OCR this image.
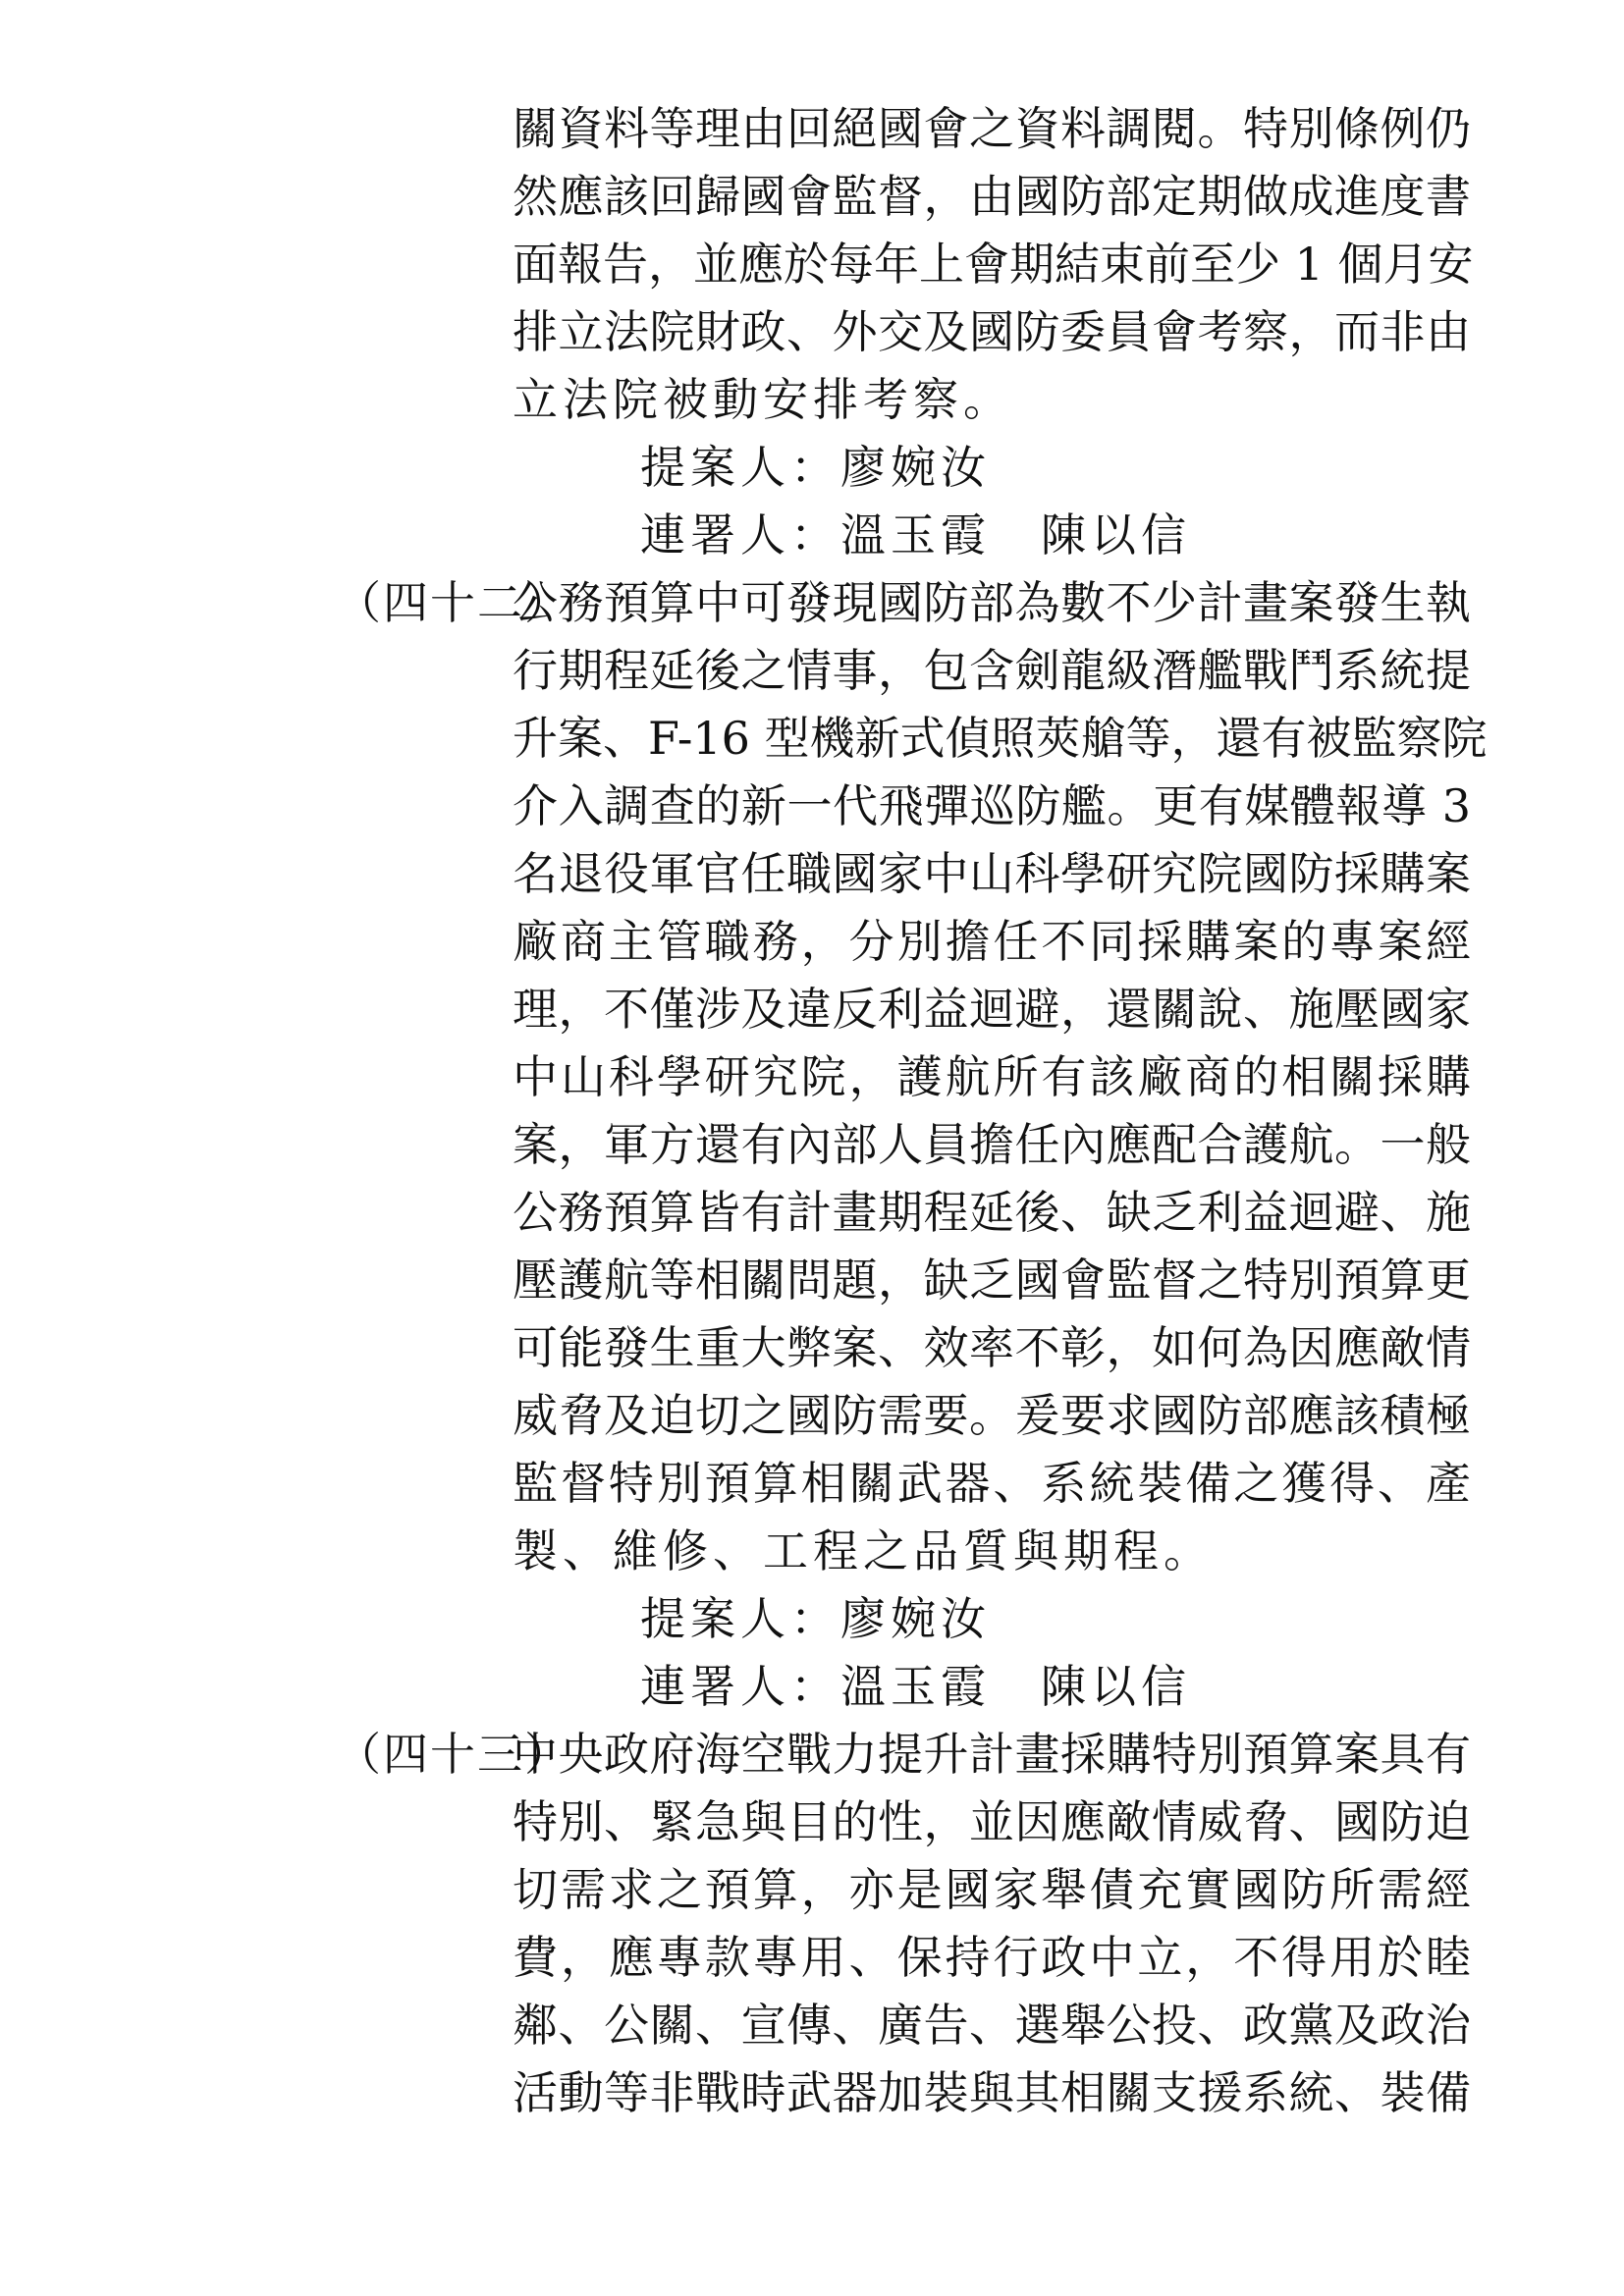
關資料等理由回絕國會之資料調閱。特別條例仍
然應該回歸國會監督，由國防部定期做成進度書
面報告，並應於每年上會期結束前至少 1 個月安
排立法院財政、外交及國防委員會考察，而非由
立法院被動安排考察。
提案人：廖婉汝
連署人：溫玉霞　陳以信
（四十二）
公務預算中可發現國防部為數不少計畫案發生執
行期程延後之情事，包含劍龍級潛艦戰鬥系統提
升案、F-16 型機新式偵照莢艙等，還有被監察院
介入調查的新一代飛彈巡防艦。更有媒體報導 3
名退役軍官任職國家中山科學研究院國防採購案
廠商主管職務，分別擔任不同採購案的專案經
理，不僅涉及違反利益迴避，還關說、施壓國家
中山科學研究院，護航所有該廠商的相關採購
案，軍方還有內部人員擔任內應配合護航。一般
公務預算皆有計畫期程延後、缺乏利益迴避、施
壓護航等相關問題，缺乏國會監督之特別預算更
可能發生重大弊案、效率不彰，如何為因應敵情
威脅及迫切之國防需要。爰要求國防部應該積極
監督特別預算相關武器、系統裝備之獲得、產
製、維修、工程之品質與期程。
提案人：廖婉汝
連署人：溫玉霞　陳以信
（四十三）
中央政府海空戰力提升計畫採購特別預算案具有
特別、緊急與目的性，並因應敵情威脅、國防迫
切需求之預算，亦是國家舉債充實國防所需經
費，應專款專用、保持行政中立，不得用於睦
鄰、公關、宣傳、廣告、選舉公投、政黨及政治
活動等非戰時武器加裝與其相關支援系統、裝備
